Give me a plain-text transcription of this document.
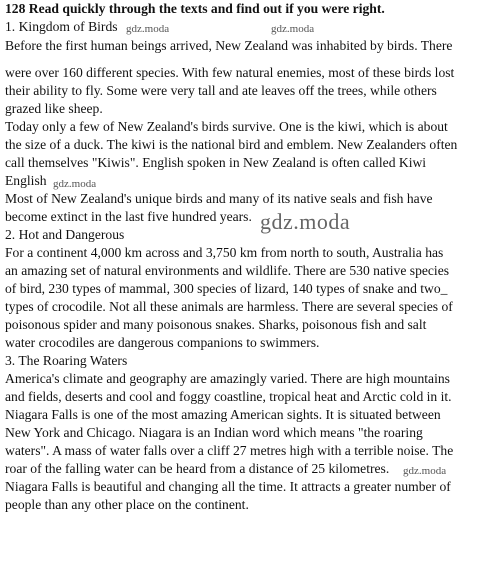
128 Read quickly through the texts and find out if you were right.
1. Kingdom of Birds
Before the first human beings arrived, New Zealand was inhabited by birds. There
were over 160 different species. With few natural enemies, most of these birds lost
their ability to fly. Some were very tall and ate leaves off the trees, while others
grazed like sheep.
Today only a few of New Zealand's birds survive. One is the kiwi, which is about
the size of a duck. The kiwi is the national bird and emblem. New Zealanders often
call themselves "Kiwis". English spoken in New Zealand is often called Kiwi
English
Most of New Zealand's unique birds and many of its native seals and fish have
become extinct in the last five hundred years.
2. Hot and Dangerous
For a continent 4,000 km across and 3,750 km from north to south, Australia has
an amazing set of natural environments and wildlife. There are 530 native species
of bird, 230 types of mammal, 300 species of lizard, 140 types of snake and two_
types of crocodile. Not all these animals are harmless. There are several species of
poisonous spider and many poisonous snakes. Sharks, poisonous fish and salt
water crocodiles are dangerous companions to swimmers.
3. The Roaring Waters
America's climate and geography are amazingly varied. There are high mountains
and fields, deserts and cool and foggy coastline, tropical heat and Arctic cold in it.
Niagara Falls is one of the most amazing American sights. It is situated between
New York and Chicago. Niagara is an Indian word which means "the roaring
waters". A mass of water falls over a cliff 27 metres high with a terrible noise. The
roar of the falling water can be heard from a distance of 25 kilometres.
Niagara Falls is beautiful and changing all the time. It attracts a greater number of
people than any other place on the continent.
gdz.moda	gdz.moda
gdz.moda
gdz.moda
gdz.moda
